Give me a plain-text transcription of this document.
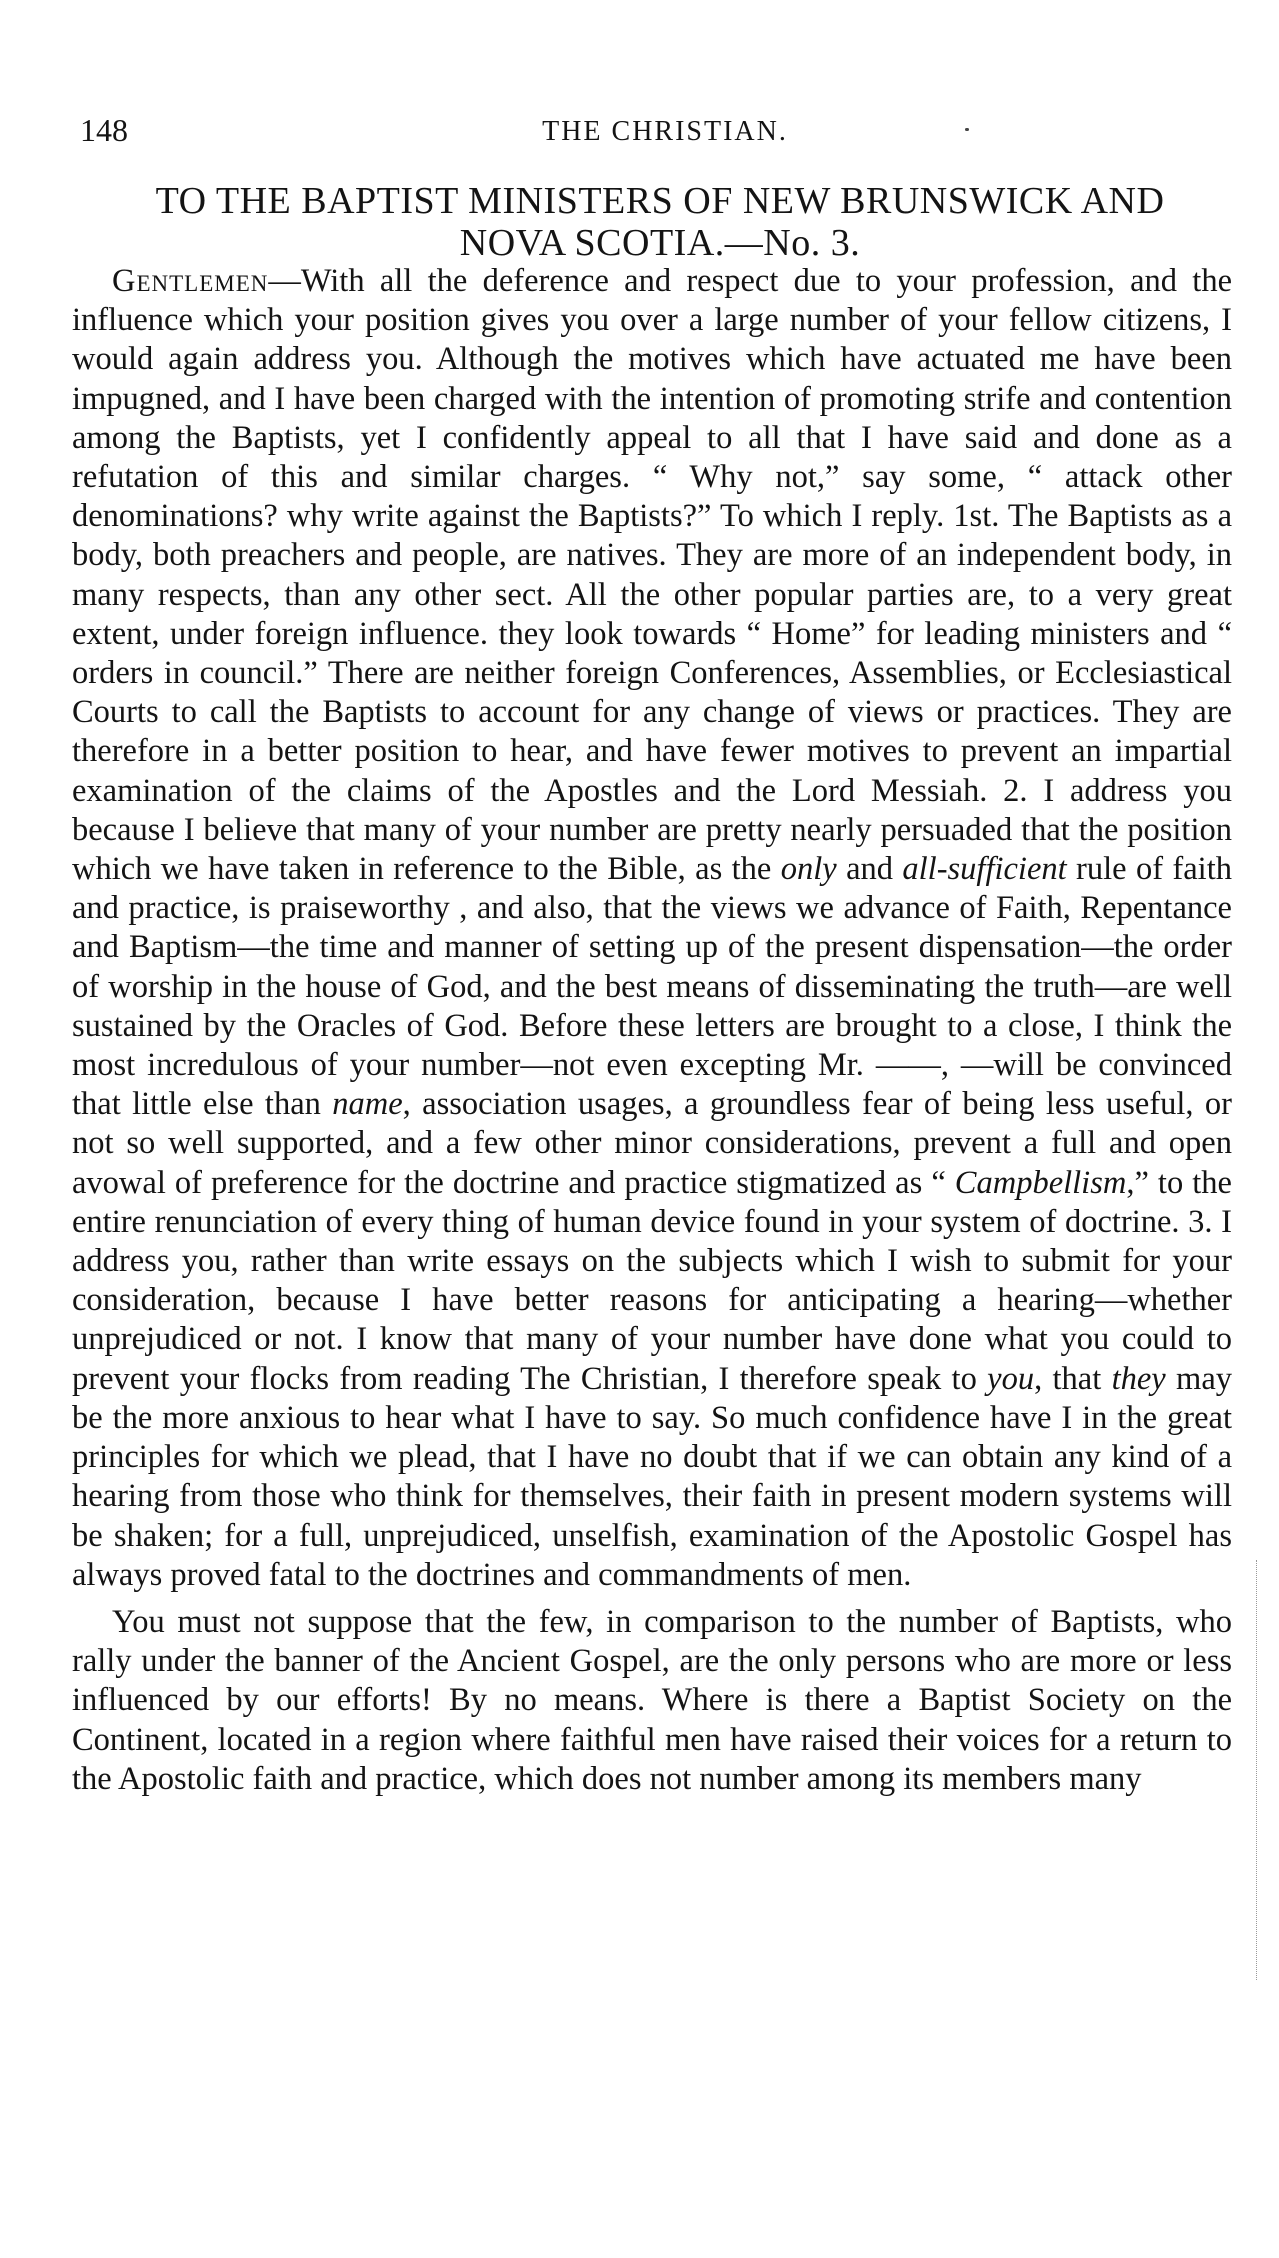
148	THE CHRISTIAN.
TO THE BAPTIST MINISTERS OF NEW BRUNSWICK AND
NOVA SCOTIA.—No. 3.

Gentlemen—With all the deference and respect due to your profession, and the influence which your position gives you over a large number of your fellow citizens, I would again address you. Although the motives which have actuated me have been impugned, and I have been charged with the intention of promoting strife and contention among the Baptists, yet I confidently appeal to all that I have said and done as a refutation of this and similar charges. “ Why not,” say some, “ attack other denominations? why write against the Baptists?” To which I reply. 1st. The Baptists as a body, both preachers and people, are natives. They are more of an independent body, in many respects, than any other sect. All the other popular parties are, to a very great extent, under foreign influence. they look towards “ Home” for leading ministers and “ orders in council.” There are neither foreign Conferences, Assemblies, or Ecclesiastical Courts to call the Baptists to account for any change of views or practices. They are therefore in a better position to hear, and have fewer motives to prevent an impartial examination of the claims of the Apostles and the Lord Messiah. 2. I address you because I believe that many of your number are pretty nearly persuaded that the position which we have taken in reference to the Bible, as the only and all-sufficient rule of faith and practice, is praiseworthy , and also, that the views we advance of Faith, Repentance and Baptism—the time and manner of setting up of the present dispensation—the order of worship in the house of God, and the best means of disseminating the truth—are well sustained by the Oracles of God. Before these letters are brought to a close, I think the most incredulous of your number—not even excepting Mr. ——, —will be convinced that little else than name, association usages, a groundless fear of being less useful, or not so well supported, and a few other minor considerations, prevent a full and open avowal of preference for the doctrine and practice stigmatized as “ Campbellism,” to the entire renunciation of every thing of human device found in your system of doctrine. 3. I address you, rather than write essays on the subjects which I wish to submit for your consideration, because I have better reasons for anticipating a hearing—whether unprejudiced or not. I know that many of your number have done what you could to prevent your flocks from reading The Christian, I therefore speak to you, that they may be the more anxious to hear what I have to say. So much confidence have I in the great principles for which we plead, that I have no doubt that if we can obtain any kind of a hearing from those who think for themselves, their faith in present modern systems will be shaken; for a full, unprejudiced, unselfish, examination of the Apostolic Gospel has always proved fatal to the doctrines and commandments of men.

You must not suppose that the few, in comparison to the number of Baptists, who rally under the banner of the Ancient Gospel, are the only persons who are more or less influenced by our efforts! By no means. Where is there a Baptist Society on the Continent, located in a region where faithful men have raised their voices for a return to the Apostolic faith and practice, which does not number among its members many
